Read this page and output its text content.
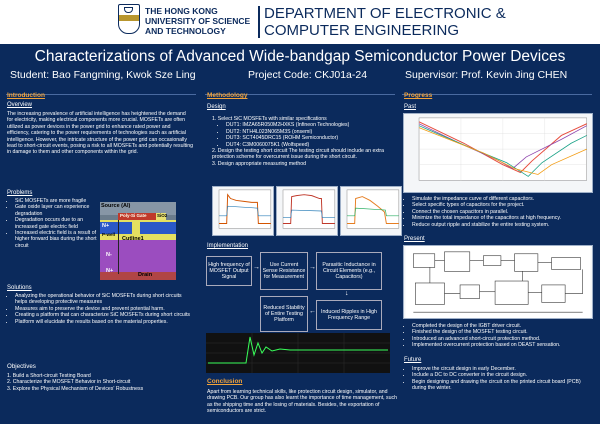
THE HONG KONG
UNIVERSITY OF SCIENCE
AND TECHNOLOGY
DEPARTMENT OF ELECTRONIC &
COMPUTER ENGINEERING
Characterizations of Advanced Wide-bandgap Semiconductor Power Devices
Student: Bao Fangming, Kwok Sze Ling	Project Code: CKJ01a-24	Supervisor: Prof. Kevin Jing CHEN
Introduction
Overview
The increasing prevalence of artificial intelligence has heightened the demand for electricity, making electrical components more crucial. MOSFETs are often utilized as power devices in the power grid to enhance rated power and efficiency, catering to the power requirements of technologies such as artificial intelligence. However, the intricate structure of the power grid can occasionally lead to short-circuit events, posing a risk to all MOSFETs and potentially resulting in damage to them and other components within the grid.
Problems
• SiC MOSFETs are more fragile
• Gate oxide layer can experience degradation
• Degradation occurs due to an increased gate electric field
• Increased electric field is a result of higher forward bias during the short circuit
Source (Al)
Poly-Si Gate SiO2
N+
P-well
Cutline1
N-
N+
Drain
Solutions
• Analyzing the operational behavior of SiC MOSFETs during short circuits helps developing protective measures
• Measures aim to preserve the device and prevent potential harm.
• Creating a platform that can characterize SiC MOSFETs during short circuits
• Platform will elucidate the results based on the material properties.
Objectives
1. Build a Short-circuit Testing Board
2. Characterize the MOSFET Behavior in Short-circuit
3. Explore the Physical Mechanism of Devices' Robustness
Methodology
Design
1. Select SiC MOSFETs with similar specifications
• DUT1: IMZA65R050M2HXKS (Infineon Technologies)
• DUT2: NTH4L023N065M3S (onsemi)
• DUT3: SCT4045DRC15 (ROHM Semiconductor)
• DUT4: C3M0060075K1 (Wolfspeed)
2. Design the testing short circuit The testing circuit should include an extra protection scheme for overcurrent issue during the short circuit.
3. Design appropriate measuring method
Implementation
High frequency of MOSFET Output Signal
→	Use Current Sense Resistance for Measurement
→	Parasitic Inductance in Circuit Elements (e.g., Capacitors)
↓
Induced Ripples in High Frequency Range
←
Reduced Stability of Entire Testing Platform
Conclusion
Apart from learning technical skills, like protection circuit design, simulator, and drawing PCB. Our group has also learnt the importance of time management, such as the shipping time and the losing of materials. Besides, the exportation of semiconductors are strict.
Progress
Past
• Simulate the impedance curve of different capacitors.
• Select specific types of capacitors for the project.
• Connect the chosen capacitors in parallel.
• Minimize the total impedance of the capacitors at high frequency.
• Reduce output ripple and stabilize the entire testing system.
Present
• Completed the design of the IGBT driver circuit.
• Finished the design of the MOSFET testing circuit.
• Introduced an advanced short-circuit protection method.
• Implemented overcurrent protection based on DEAST sensation.
Future
• Improve the circuit design in early December.
• Include a DC to DC converter in the circuit design.
• Begin designing and drawing the circuit on the printed circuit board (PCB) during the winter.
